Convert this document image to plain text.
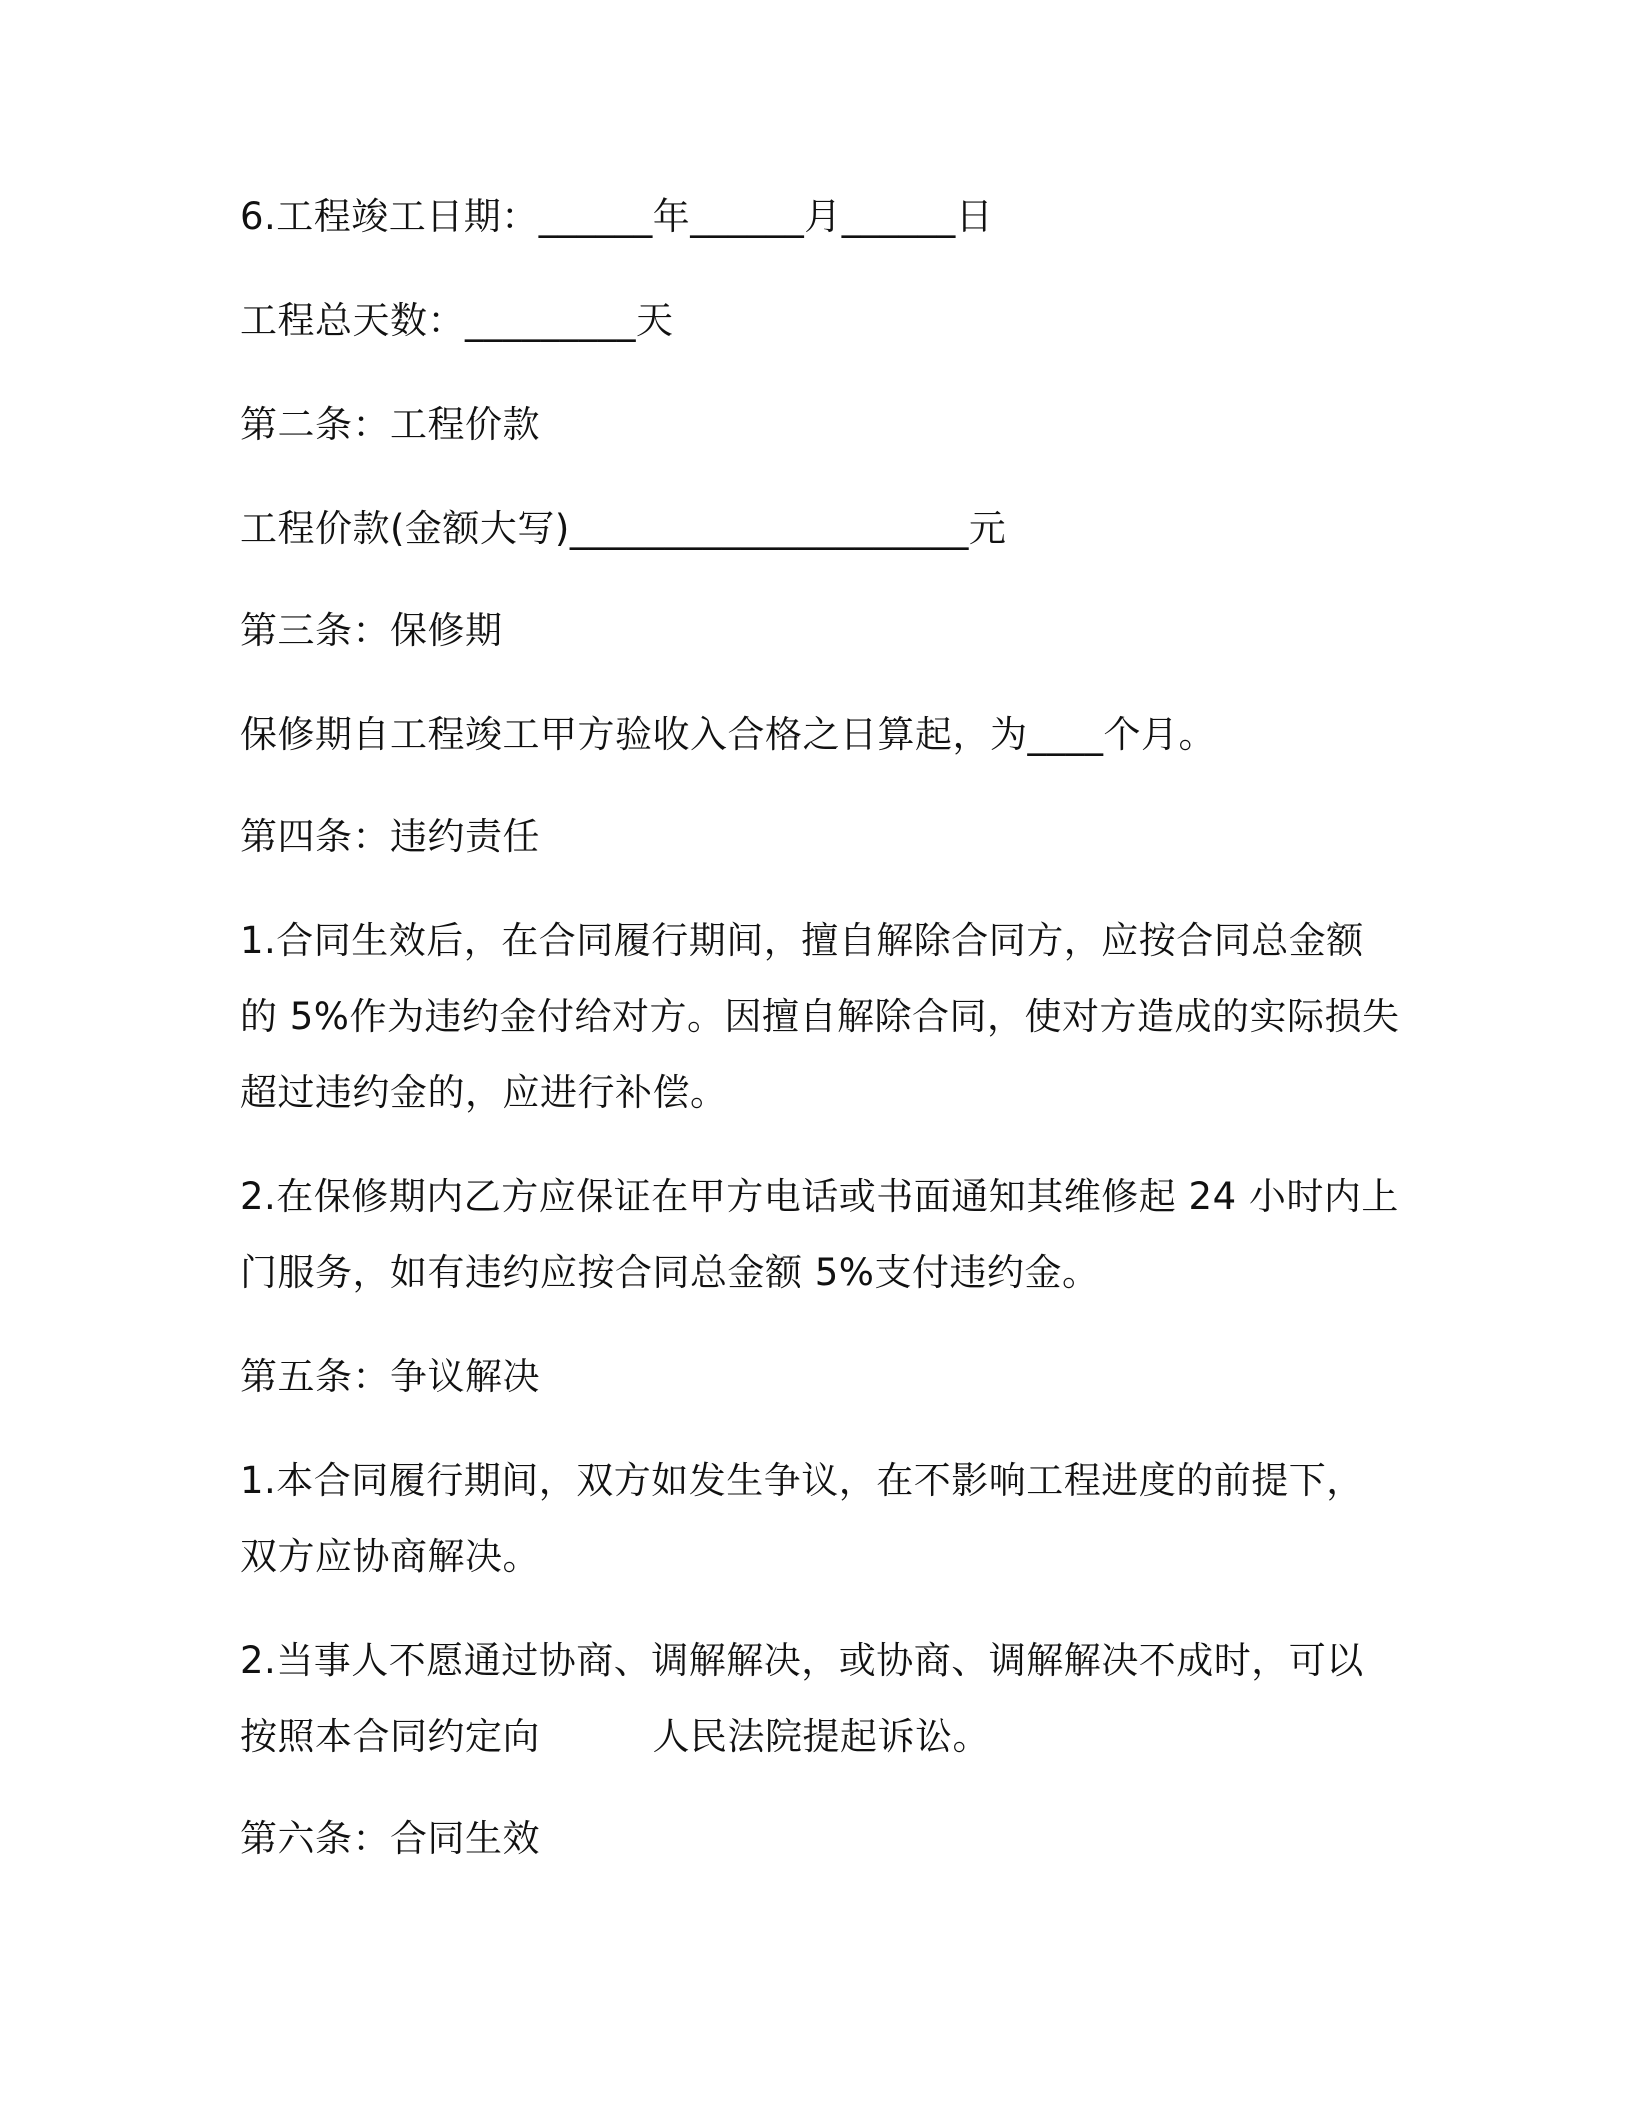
6.工程竣工日期：______年______月______日

工程总天数：_________天

第二条：工程价款

工程价款(金额大写)_____________________元

第三条：保修期

保修期自工程竣工甲方验收入合格之日算起，为____个月。

第四条：违约责任

1.合同生效后，在合同履行期间，擅自解除合同方，应按合同总金额

的 5%作为违约金付给对方。因擅自解除合同，使对方造成的实际损失

超过违约金的，应进行补偿。

2.在保修期内乙方应保证在甲方电话或书面通知其维修起 24 小时内上

门服务，如有违约应按合同总金额 5%支付违约金。

第五条：争议解决

1.本合同履行期间，双方如发生争议，在不影响工程进度的前提下，

双方应协商解决。

2.当事人不愿通过协商、调解解决，或协商、调解解决不成时，可以

按照本合同约定向　　　人民法院提起诉讼。

第六条：合同生效
